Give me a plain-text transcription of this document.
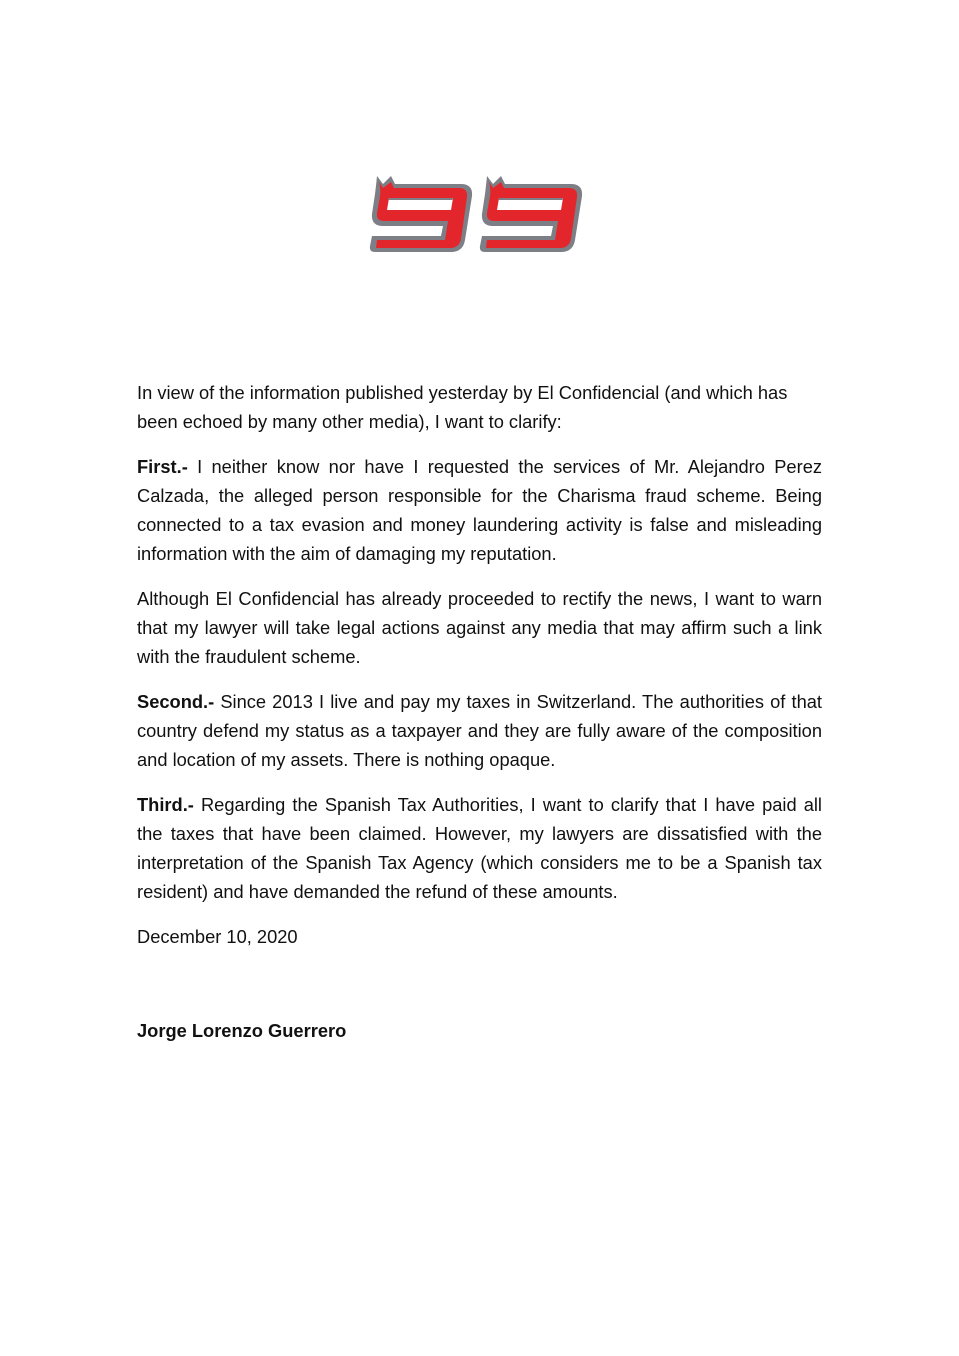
In view of the information published yesterday by El Confidencial (and which has been echoed by many other media), I want to clarify:

First.- I neither know nor have I requested the services of Mr. Alejandro Perez Calzada, the alleged person responsible for the Charisma fraud scheme. Being connected to a tax evasion and money laundering activity is false and misleading information with the aim of damaging my reputation.

Although El Confidencial has already proceeded to rectify the news, I want to warn that my lawyer will take legal actions against any media that may affirm such a link with the fraudulent scheme.

Second.- Since 2013 I live and pay my taxes in Switzerland. The authorities of that country defend my status as a taxpayer and they are fully aware of the composition and location of my assets. There is nothing opaque.

Third.- Regarding the Spanish Tax Authorities, I want to clarify that I have paid all the taxes that have been claimed. However, my lawyers are dissatisfied with the interpretation of the Spanish Tax Agency (which considers me to be a Spanish tax resident) and have demanded the refund of these amounts.

December 10, 2020

Jorge Lorenzo Guerrero
